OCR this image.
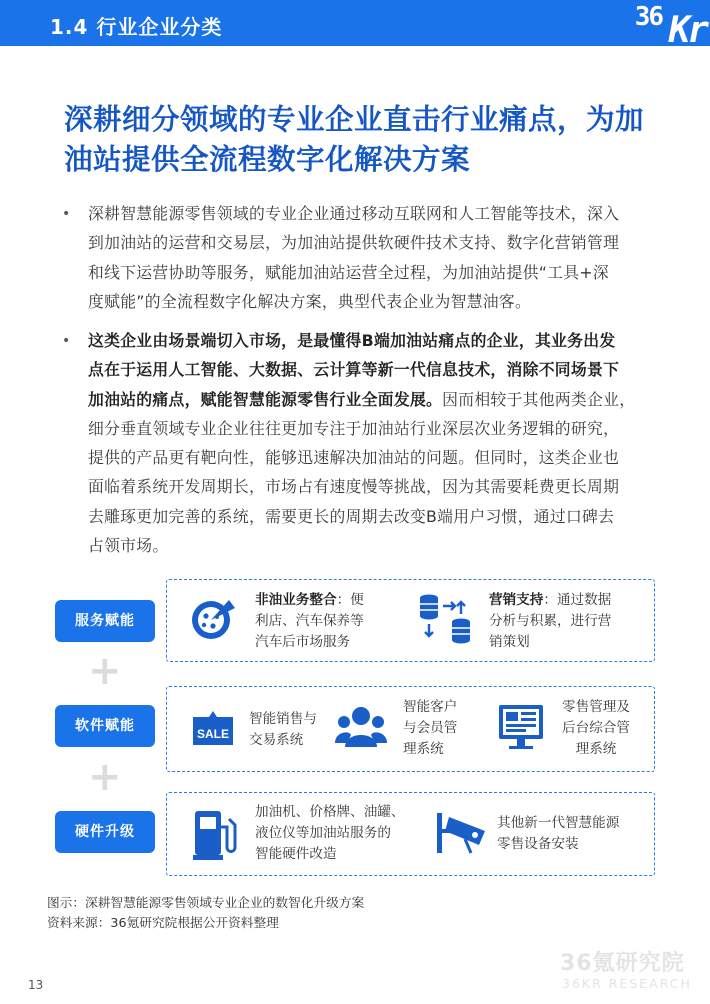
1.4 行业企业分类	36 Kr
深耕细分领域的专业企业直击行业痛点，为加
油站提供全流程数字化解决方案
• 深耕智慧能源零售领域的专业企业通过移动互联网和人工智能等技术，深入
到加油站的运营和交易层，为加油站提供软硬件技术支持、数字化营销管理
和线下运营协助等服务，赋能加油站运营全过程，为加油站提供“工具+深
度赋能”的全流程数字化解决方案，典型代表企业为智慧油客。
• 这类企业由场景端切入市场，是最懂得B端加油站痛点的企业，其业务出发
点在于运用人工智能、大数据、云计算等新一代信息技术，消除不同场景下
加油站的痛点，赋能智慧能源零售行业全面发展。因而相较于其他两类企业，
细分垂直领域专业企业往往更加专注于加油站行业深层次业务逻辑的研究，
提供的产品更有靶向性，能够迅速解决加油站的问题。但同时，这类企业也
面临着系统开发周期长，市场占有速度慢等挑战，因为其需要耗费更长周期
去雕琢更加完善的系统，需要更长的周期去改变B端用户习惯，通过口碑去
占领市场。
服务赋能
非油业务整合：便
利店、汽车保养等
汽车后市场服务
营销支持：通过数据
分析与积累，进行营
销策划
+
软件赋能	SALE
智能销售与
交易系统
智能客户
与会员管
理系统
零售管理及
后台综合管
理系统
+
硬件升级
加油机、价格牌、油罐、
液位仪等加油站服务的
智能硬件改造
其他新一代智慧能源
零售设备安装
图示：深耕智慧能源零售领域专业企业的数智化升级方案
资料来源：36氪研究院根据公开资料整理
13
36氪研究院
36KR RESEARCH
